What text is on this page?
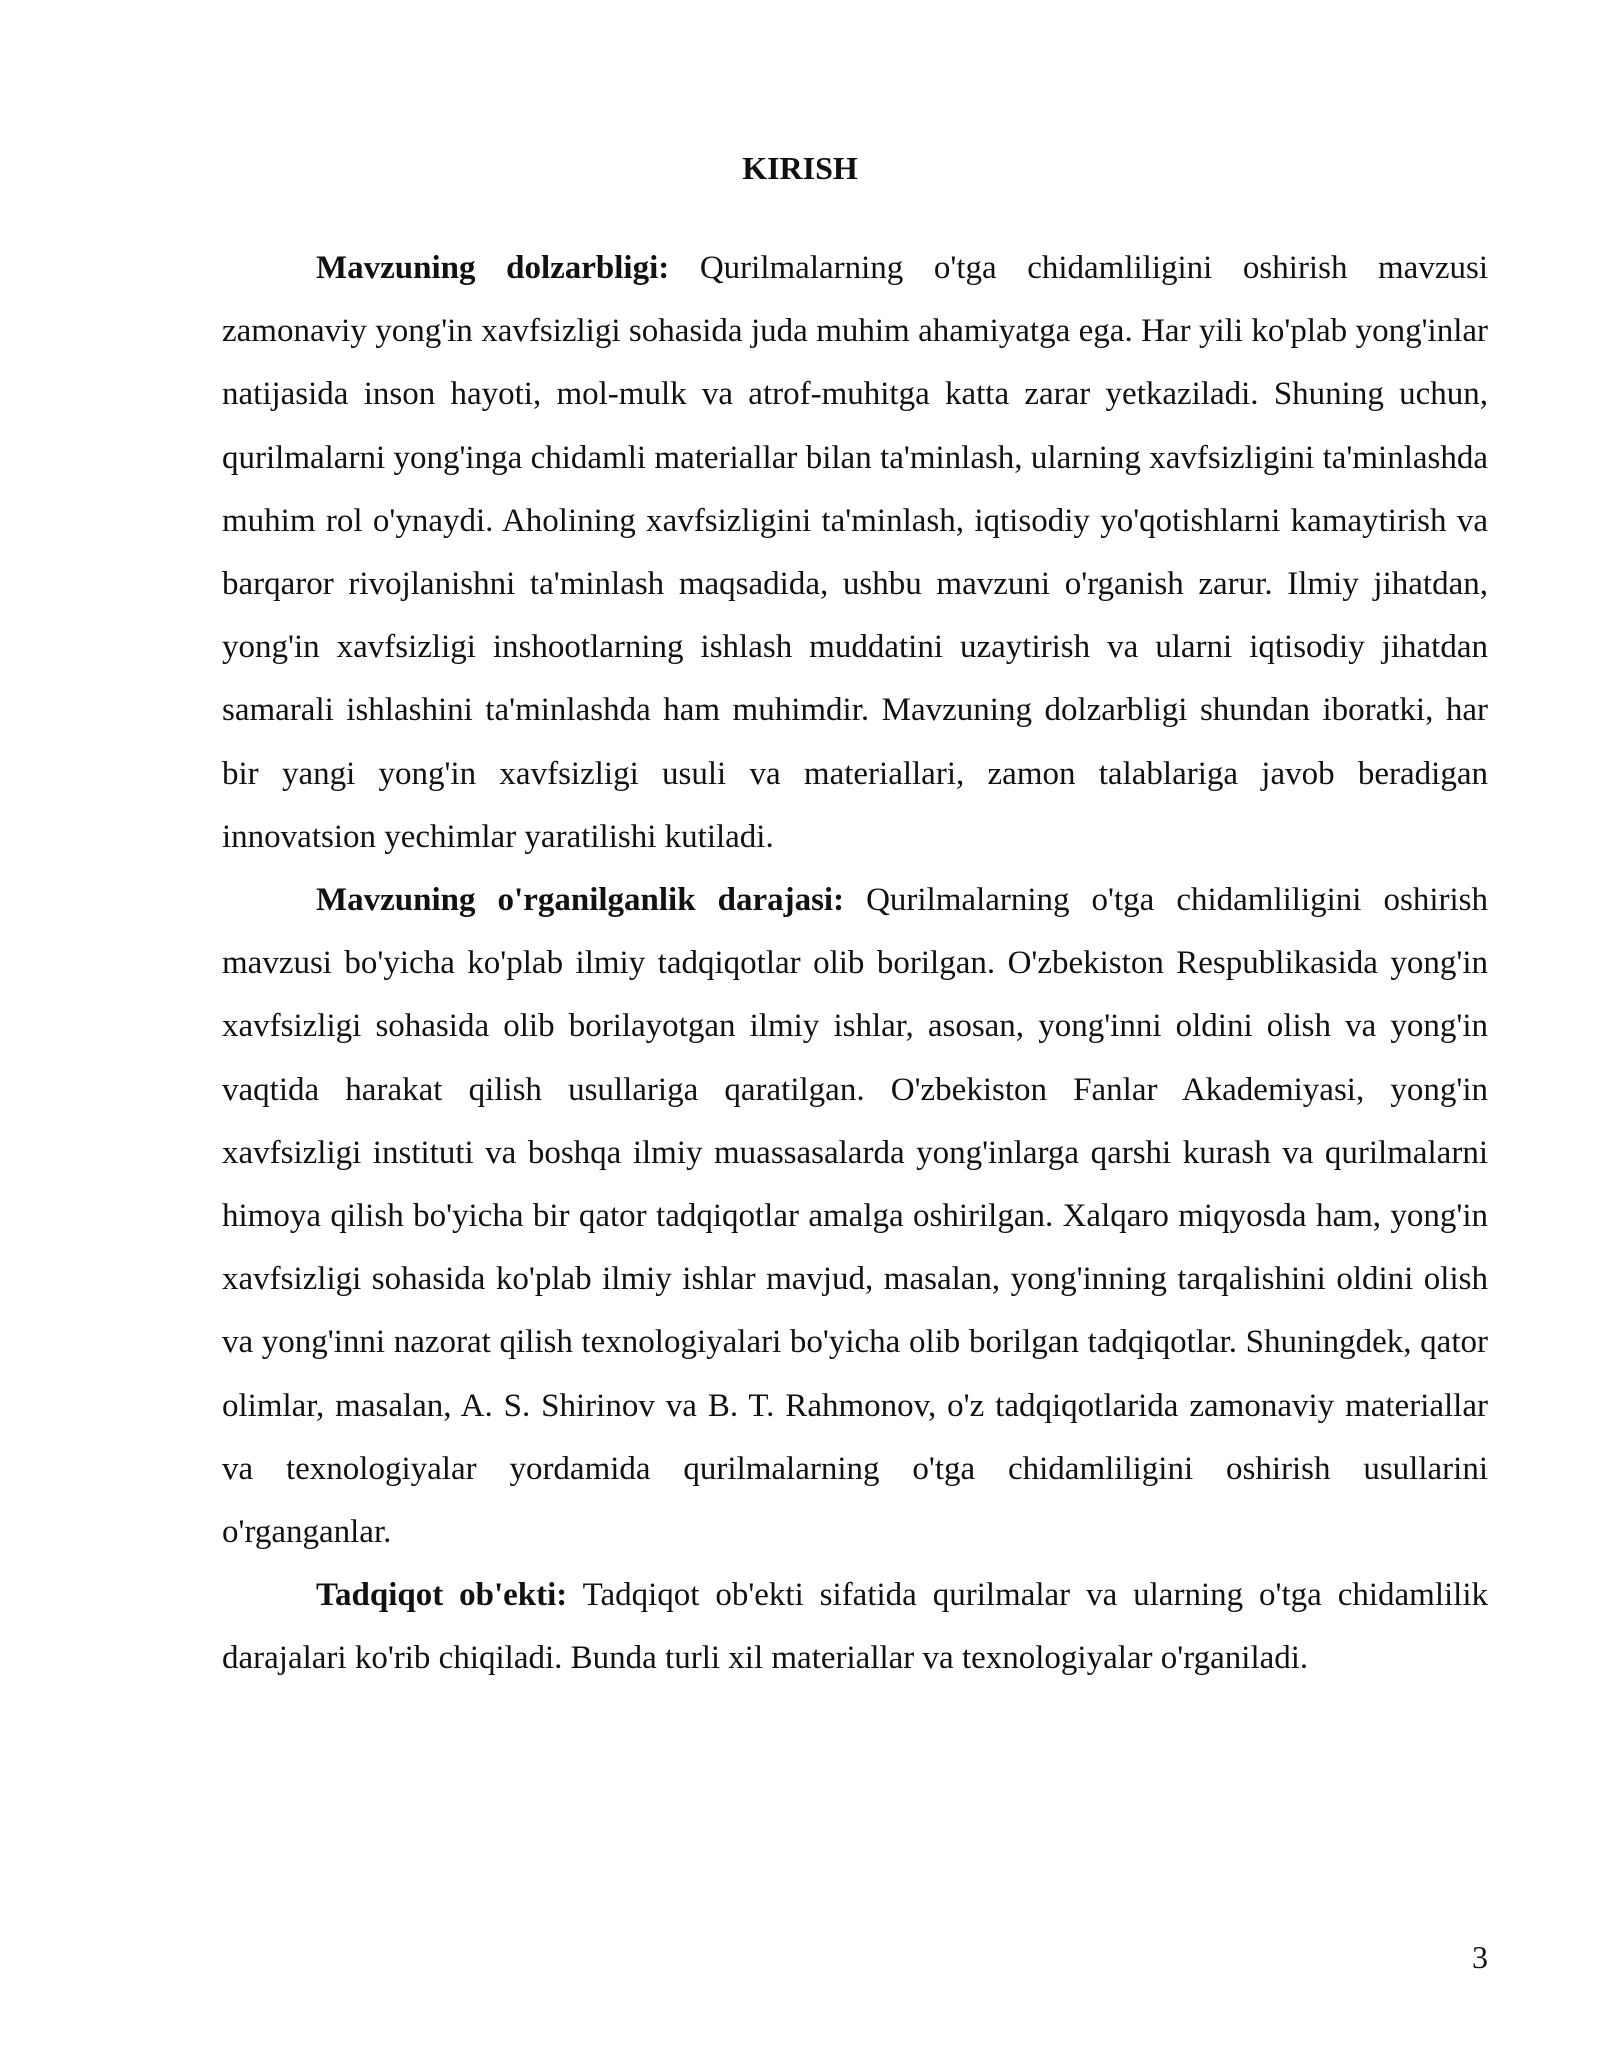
KIRISH

Mavzuning dolzarbligi: Qurilmalarning o'tga chidamliligini oshirish mavzusi zamonaviy yong'in xavfsizligi sohasida juda muhim ahamiyatga ega. Har yili ko'plab yong'inlar natijasida inson hayoti, mol-mulk va atrof-muhitga katta zarar yetkaziladi. Shuning uchun, qurilmalarni yong'inga chidamli materiallar bilan ta'minlash, ularning xavfsizligini ta'minlashda muhim rol o'ynaydi. Aholining xavfsizligini ta'minlash, iqtisodiy yo'qotishlarni kamaytirish va barqaror rivojlanishni ta'minlash maqsadida, ushbu mavzuni o'rganish zarur. Ilmiy jihatdan, yong'in xavfsizligi inshootlarning ishlash muddatini uzaytirish va ularni iqtisodiy jihatdan samarali ishlashini ta'minlashda ham muhimdir. Mavzuning dolzarbligi shundan iboratki, har bir yangi yong'in xavfsizligi usuli va materiallari, zamon talablariga javob beradigan innovatsion yechimlar yaratilishi kutiladi.

Mavzuning o'rganilganlik darajasi: Qurilmalarning o'tga chidamliligini oshirish mavzusi bo'yicha ko'plab ilmiy tadqiqotlar olib borilgan. O'zbekiston Respublikasida yong'in xavfsizligi sohasida olib borilayotgan ilmiy ishlar, asosan, yong'inni oldini olish va yong'in vaqtida harakat qilish usullariga qaratilgan. O'zbekiston Fanlar Akademiyasi, yong'in xavfsizligi instituti va boshqa ilmiy muassasalarda yong'inlarga qarshi kurash va qurilmalarni himoya qilish bo'yicha bir qator tadqiqotlar amalga oshirilgan. Xalqaro miqyosda ham, yong'in xavfsizligi sohasida ko'plab ilmiy ishlar mavjud, masalan, yong'inning tarqalishini oldini olish va yong'inni nazorat qilish texnologiyalari bo'yicha olib borilgan tadqiqotlar. Shuningdek, qator olimlar, masalan, A. S. Shirinov va B. T. Rahmonov, o'z tadqiqotlarida zamonaviy materiallar va texnologiyalar yordamida qurilmalarning o'tga chidamliligini oshirish usullarini o'rganganlar.

Tadqiqot ob'ekti: Tadqiqot ob'ekti sifatida qurilmalar va ularning o'tga chidamlilik darajalari ko'rib chiqiladi. Bunda turli xil materiallar va texnologiyalar o'rganiladi.

3
